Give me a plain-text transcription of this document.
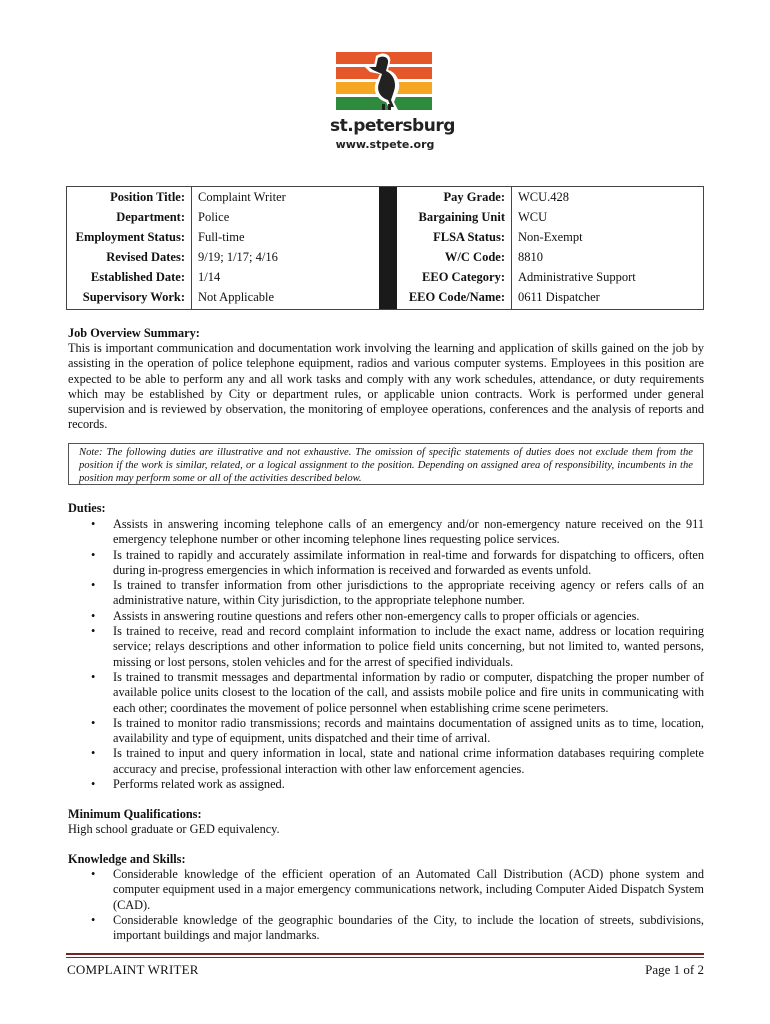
st.petersburg
www.stpete.org
Position Title: Complaint Writer
Department: Police
Employment Status: Full-time
Revised Dates: 9/19; 1/17; 4/16
Established Date: 1/14
Supervisory Work: Not Applicable
Pay Grade: WCU.428
Bargaining Unit WCU
FLSA Status: Non-Exempt
W/C Code: 8810
EEO Category: Administrative Support
EEO Code/Name: 0611 Dispatcher
Job Overview Summary:
This is important communication and documentation work involving the learning and application of skills gained on the job by assisting in the operation of police telephone equipment, radios and various computer systems. Employees in this position are expected to be able to perform any and all work tasks and comply with any work schedules, attendance, or duty requirements which may be established by City or department rules, or applicable union contracts. Work is performed under general supervision and is reviewed by observation, the monitoring of employee operations, conferences and the analysis of reports and records.
Note: The following duties are illustrative and not exhaustive. The omission of specific statements of duties does not exclude them from the position if the work is similar, related, or a logical assignment to the position. Depending on assigned area of responsibility, incumbents in the position may perform some or all of the activities described below.
Duties:
• Assists in answering incoming telephone calls of an emergency and/or non-emergency nature received on the 911 emergency telephone number or other incoming telephone lines requesting police services.
• Is trained to rapidly and accurately assimilate information in real-time and forwards for dispatching to officers, often during in-progress emergencies in which information is received and forwarded as events unfold.
• Is trained to transfer information from other jurisdictions to the appropriate receiving agency or refers calls of an administrative nature, within City jurisdiction, to the appropriate telephone number.
• Assists in answering routine questions and refers other non-emergency calls to proper officials or agencies.
• Is trained to receive, read and record complaint information to include the exact name, address or location requiring service; relays descriptions and other information to police field units concerning, but not limited to, wanted persons, missing or lost persons, stolen vehicles and for the arrest of specified individuals.
• Is trained to transmit messages and departmental information by radio or computer, dispatching the proper number of available police units closest to the location of the call, and assists mobile police and fire units in communicating with each other; coordinates the movement of police personnel when establishing crime scene perimeters.
• Is trained to monitor radio transmissions; records and maintains documentation of assigned units as to time, location, availability and type of equipment, units dispatched and their time of arrival.
• Is trained to input and query information in local, state and national crime information databases requiring complete accuracy and precise, professional interaction with other law enforcement agencies.
• Performs related work as assigned.
Minimum Qualifications:
High school graduate or GED equivalency.
Knowledge and Skills:
• Considerable knowledge of the efficient operation of an Automated Call Distribution (ACD) phone system and computer equipment used in a major emergency communications network, including Computer Aided Dispatch System (CAD).
• Considerable knowledge of the geographic boundaries of the City, to include the location of streets, subdivisions, important buildings and major landmarks.
COMPLAINT WRITER	Page 1 of 2
